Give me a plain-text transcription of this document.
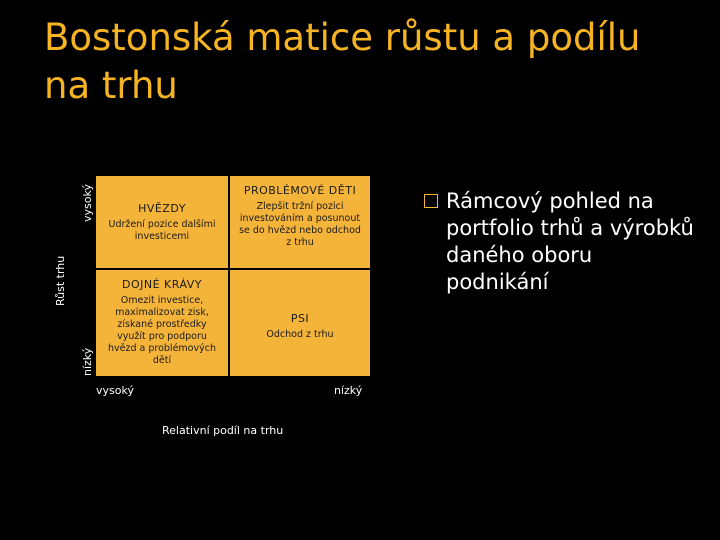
Bostonská matice růstu a podílu na trhu
Růst trhu
vysoký
nízký
HVĚZDY
Udržení pozice dalšími investicemi
PROBLÉMOVÉ DĚTI
Zlepšit tržní pozici investováním a posunout se do hvězd nebo odchod z trhu
DOJNÉ KRÁVY
Omezit investice, maximalizovat zisk, získané prostředky využít pro podporu hvězd a problémových dětí
PSI
Odchod z trhu
vysoký	nízký
Relativní podíl na trhu
Rámcový pohled na portfolio trhů a výrobků daného oboru podnikání
